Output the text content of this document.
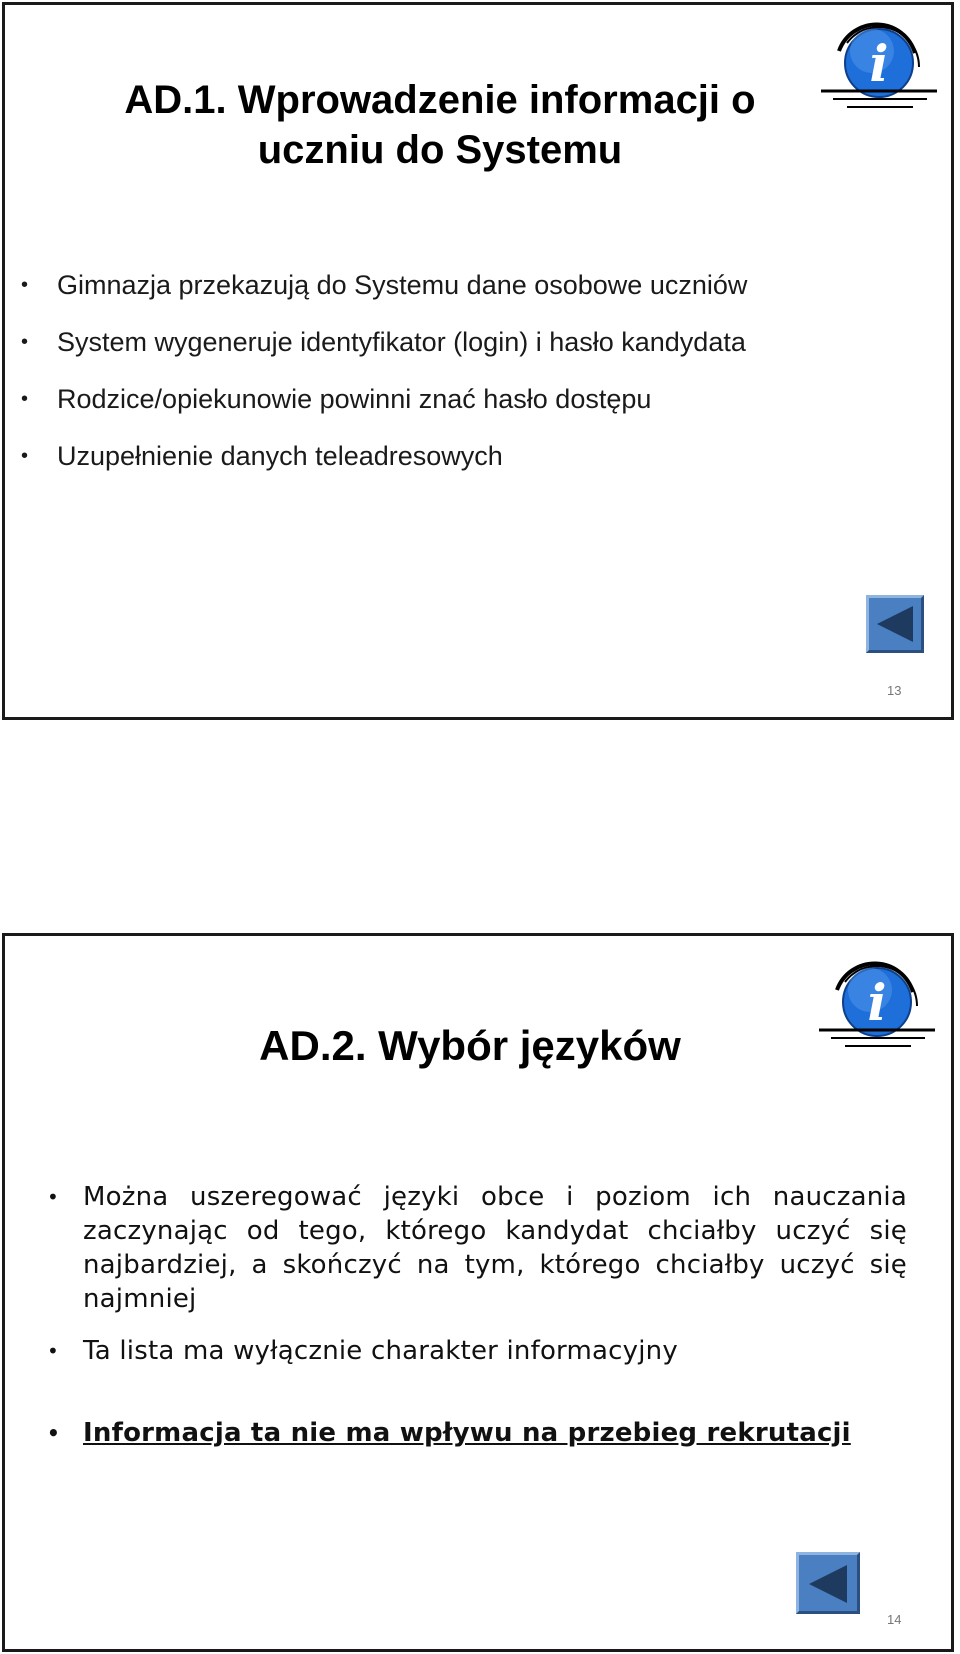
AD.1. Wprowadzenie informacji o uczniu do Systemu
i
• Gimnazja przekazują do Systemu dane osobowe uczniów
• System wygeneruje identyfikator (login) i hasło kandydata
• Rodzice/opiekunowie powinni znać hasło dostępu
• Uzupełnienie danych teleadresowych
13
AD.2. Wybór języków
i
• Można uszeregować języki obce i poziom ich nauczania zaczynając od tego, którego kandydat chciałby uczyć się najbardziej, a skończyć na tym, którego chciałby uczyć się najmniej
• Ta lista ma wyłącznie charakter informacyjny
• Informacja ta nie ma wpływu na przebieg rekrutacji
14
